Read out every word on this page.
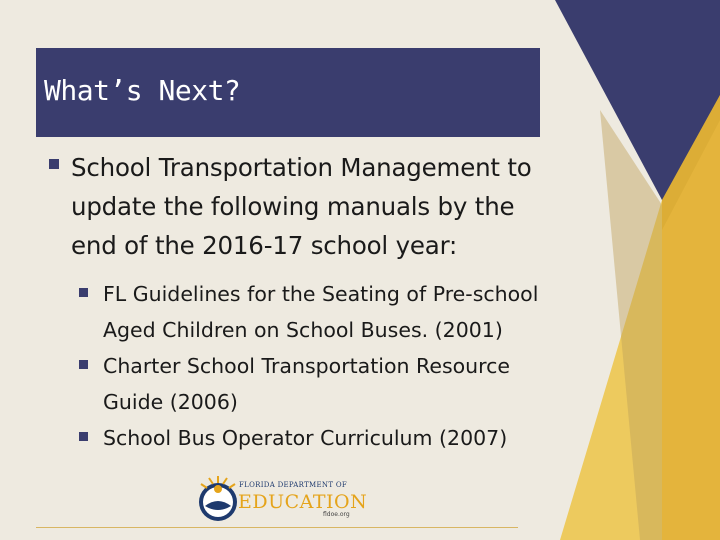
What’s Next?
School Transportation Management to update the following manuals by the end of the 2016-17 school year:
FL Guidelines for the Seating of Pre-school Aged Children on School Buses. (2001)
Charter School Transportation Resource Guide (2006)
School Bus Operator Curriculum (2007)
FLORIDA DEPARTMENT OF
EDUCATION
fldoe.org
